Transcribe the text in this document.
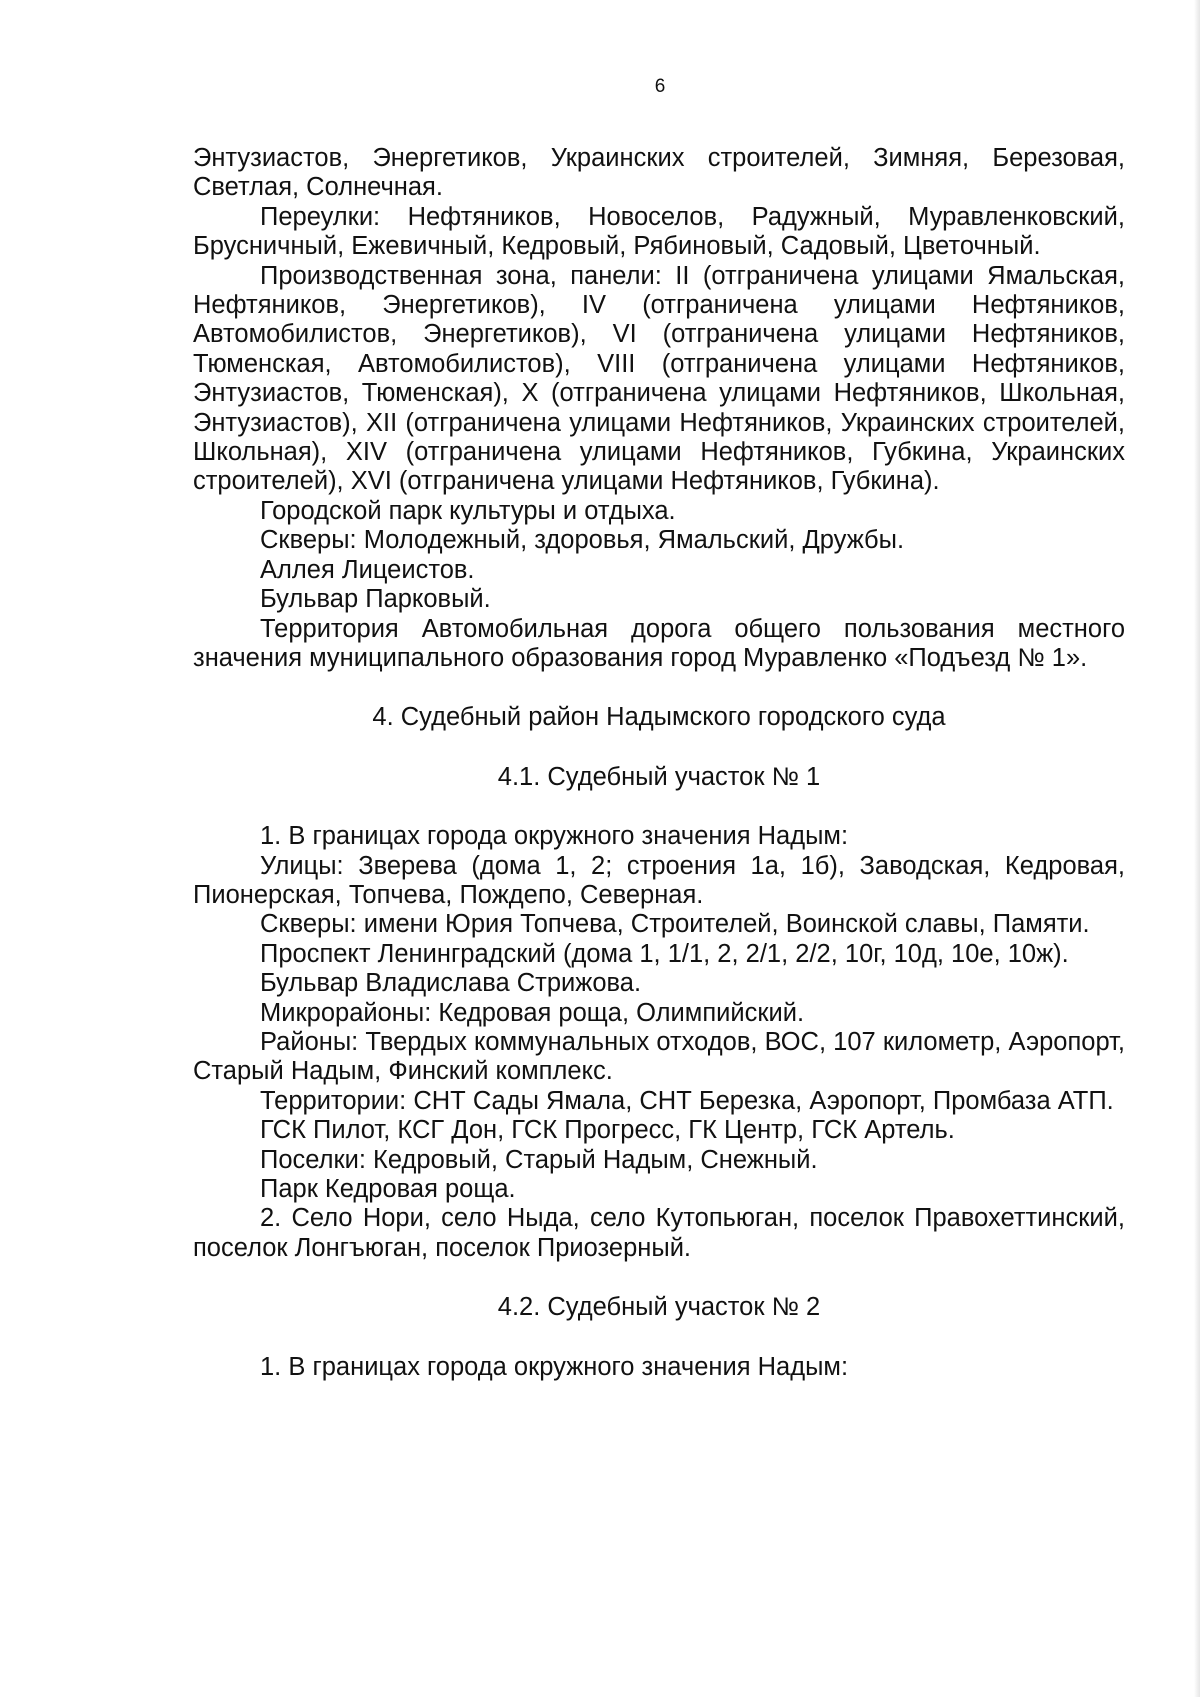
6

Энтузиастов, Энергетиков, Украинских строителей, Зимняя, Березовая, Светлая, Солнечная.

Переулки: Нефтяников, Новоселов, Радужный, Муравленковский, Брусничный, Ежевичный, Кедровый, Рябиновый, Садовый, Цветочный.

Производственная зона, панели: II (отграничена улицами Ямальская, Нефтяников, Энергетиков), IV (отграничена улицами Нефтяников, Автомобилистов, Энергетиков), VI (отграничена улицами Нефтяников, Тюменская, Автомобилистов), VIII (отграничена улицами Нефтяников, Энтузиастов, Тюменская), X (отграничена улицами Нефтяников, Школьная, Энтузиастов), XII (отграничена улицами Нефтяников, Украинских строителей, Школьная), XIV (отграничена улицами Нефтяников, Губкина, Украинских строителей), XVI (отграничена улицами Нефтяников, Губкина).

Городской парк культуры и отдыха.

Скверы: Молодежный, здоровья, Ямальский, Дружбы.

Аллея Лицеистов.

Бульвар Парковый.

Территория Автомобильная дорога общего пользования местного значения муниципального образования город Муравленко «Подъезд № 1».

4. Судебный район Надымского городского суда
4.1. Судебный участок № 1

1. В границах города окружного значения Надым:

Улицы: Зверева (дома 1, 2; строения 1а, 1б), Заводская, Кедровая, Пионерская, Топчева, Пождепо, Северная.

Скверы: имени Юрия Топчева, Строителей, Воинской славы, Памяти.

Проспект Ленинградский (дома 1, 1/1, 2, 2/1, 2/2, 10г, 10д, 10е, 10ж).

Бульвар Владислава Стрижова.

Микрорайоны: Кедровая роща, Олимпийский.

Районы: Твердых коммунальных отходов, ВОС, 107 километр, Аэропорт, Старый Надым, Финский комплекс.

Территории: СНТ Сады Ямала, СНТ Березка, Аэропорт, Промбаза АТП.

ГСК Пилот, КСГ Дон, ГСК Прогресс, ГК Центр, ГСК Артель.

Поселки: Кедровый, Старый Надым, Снежный.

Парк Кедровая роща.

2. Село Нори, село Ныда, село Кутопьюган, поселок Правохеттинский, поселок Лонгъюган, поселок Приозерный.

4.2. Судебный участок № 2

1. В границах города окружного значения Надым:
